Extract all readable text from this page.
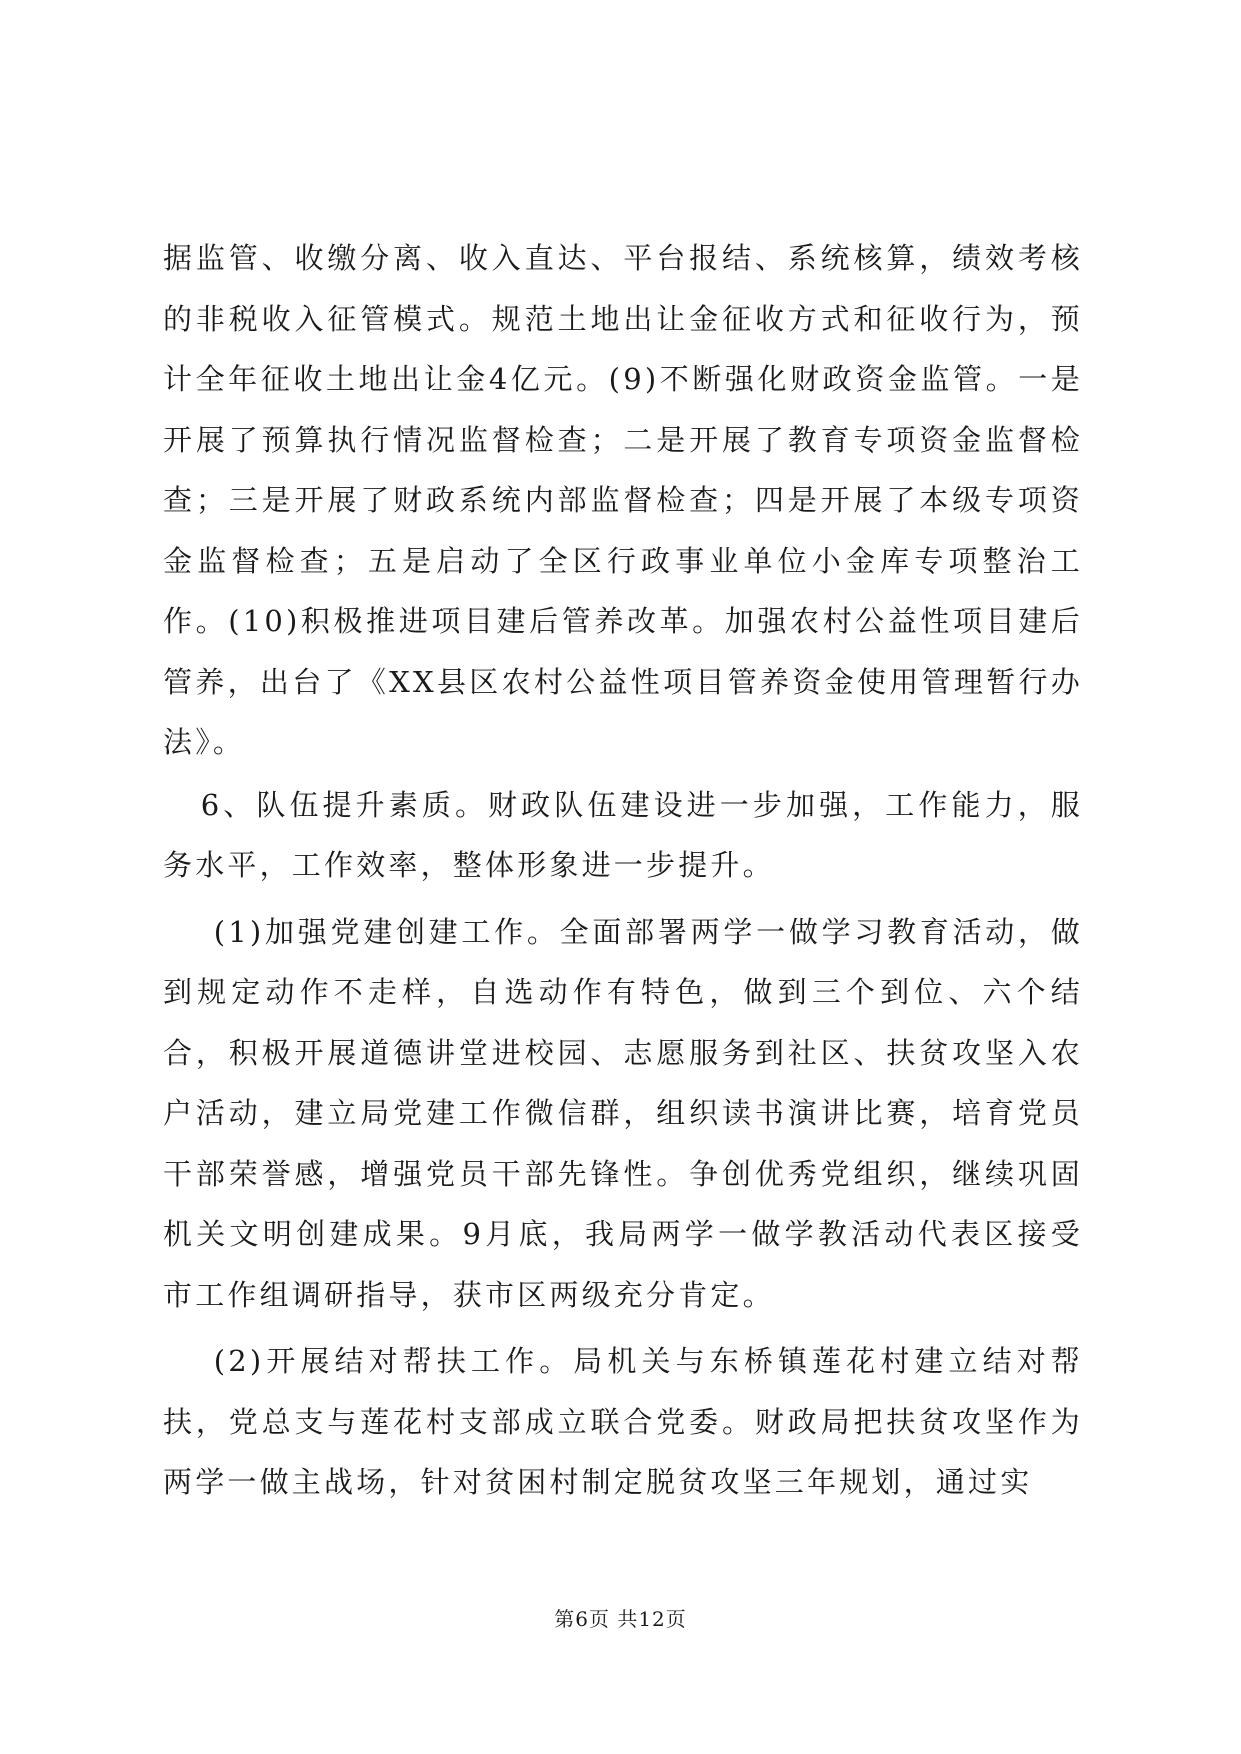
据监管、收缴分离、收入直达、平台报结、系统核算，绩效考核的非税收入征管模式。规范土地出让金征收方式和征收行为，预计全年征收土地出让金4亿元。(9)不断强化财政资金监管。一是开展了预算执行情况监督检查；二是开展了教育专项资金监督检查；三是开展了财政系统内部监督检查；四是开展了本级专项资金监督检查；五是启动了全区行政事业单位小金库专项整治工作。(10)积极推进项目建后管养改革。加强农村公益性项目建后管养，出台了《XX县区农村公益性项目管养资金使用管理暂行办法》。

6、队伍提升素质。财政队伍建设进一步加强，工作能力，服务水平，工作效率，整体形象进一步提升。

(1)加强党建创建工作。全面部署两学一做学习教育活动，做到规定动作不走样，自选动作有特色，做到三个到位、六个结合，积极开展道德讲堂进校园、志愿服务到社区、扶贫攻坚入农户活动，建立局党建工作微信群，组织读书演讲比赛，培育党员干部荣誉感，增强党员干部先锋性。争创优秀党组织，继续巩固机关文明创建成果。9月底，我局两学一做学教活动代表区接受市工作组调研指导，获市区两级充分肯定。

(2)开展结对帮扶工作。局机关与东桥镇莲花村建立结对帮扶，党总支与莲花村支部成立联合党委。财政局把扶贫攻坚作为两学一做主战场，针对贫困村制定脱贫攻坚三年规划，通过实

第6页 共12页
